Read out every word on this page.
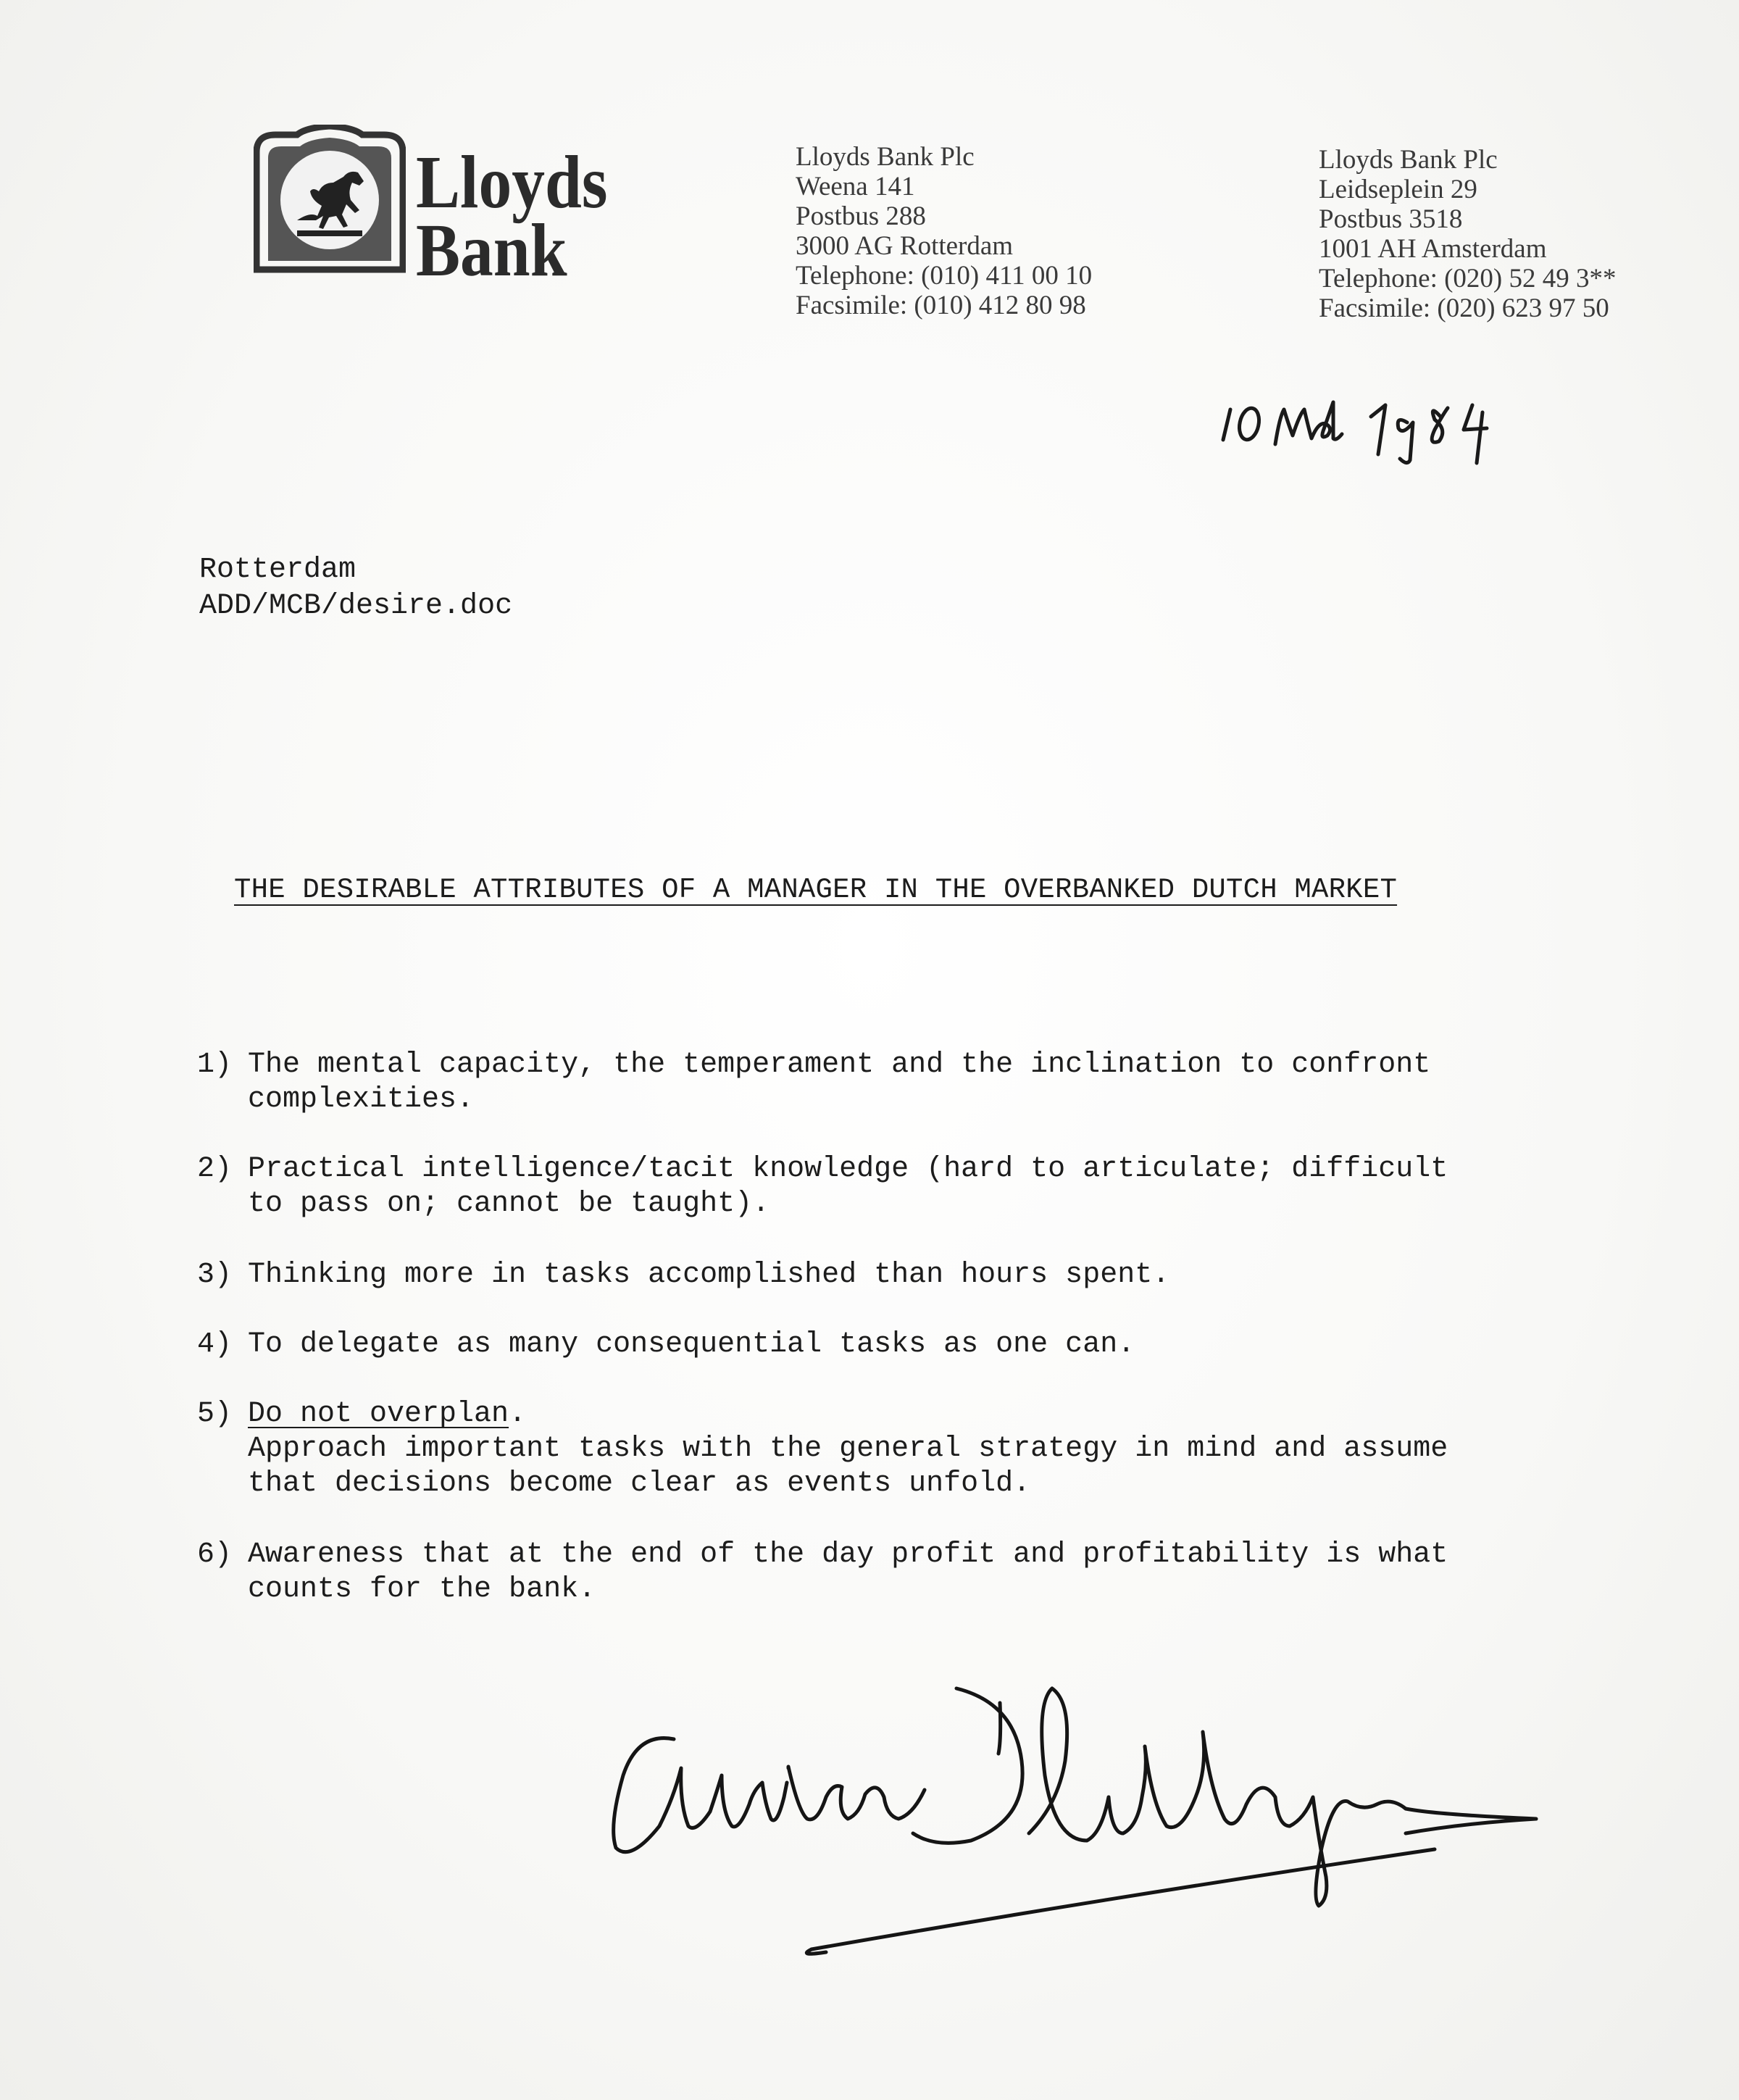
Lloyds
Bank
Lloyds Bank Plc
Weena 141
Postbus 288
3000 AG Rotterdam
Telephone: (010) 411 00 10
Facsimile: (010) 412 80 98
Lloyds Bank Plc
Leidseplein 29
Postbus 3518
1001 AH Amsterdam
Telephone: (020) 52 49 3**
Facsimile: (020) 623 97 50
Rotterdam
ADD/MCB/desire.doc
THE DESIRABLE ATTRIBUTES OF A MANAGER IN THE OVERBANKED DUTCH MARKET
1) The mental capacity, the temperament and the inclination to confront
complexities.
2) Practical intelligence/tacit knowledge (hard to articulate; difficult
to pass on; cannot be taught).
3) Thinking more in tasks accomplished than hours spent.
4) To delegate as many consequential tasks as one can.
5) Do not overplan.
Approach important tasks with the general strategy in mind and assume
that decisions become clear as events unfold.
6) Awareness that at the end of the day profit and profitability is what
counts for the bank.
